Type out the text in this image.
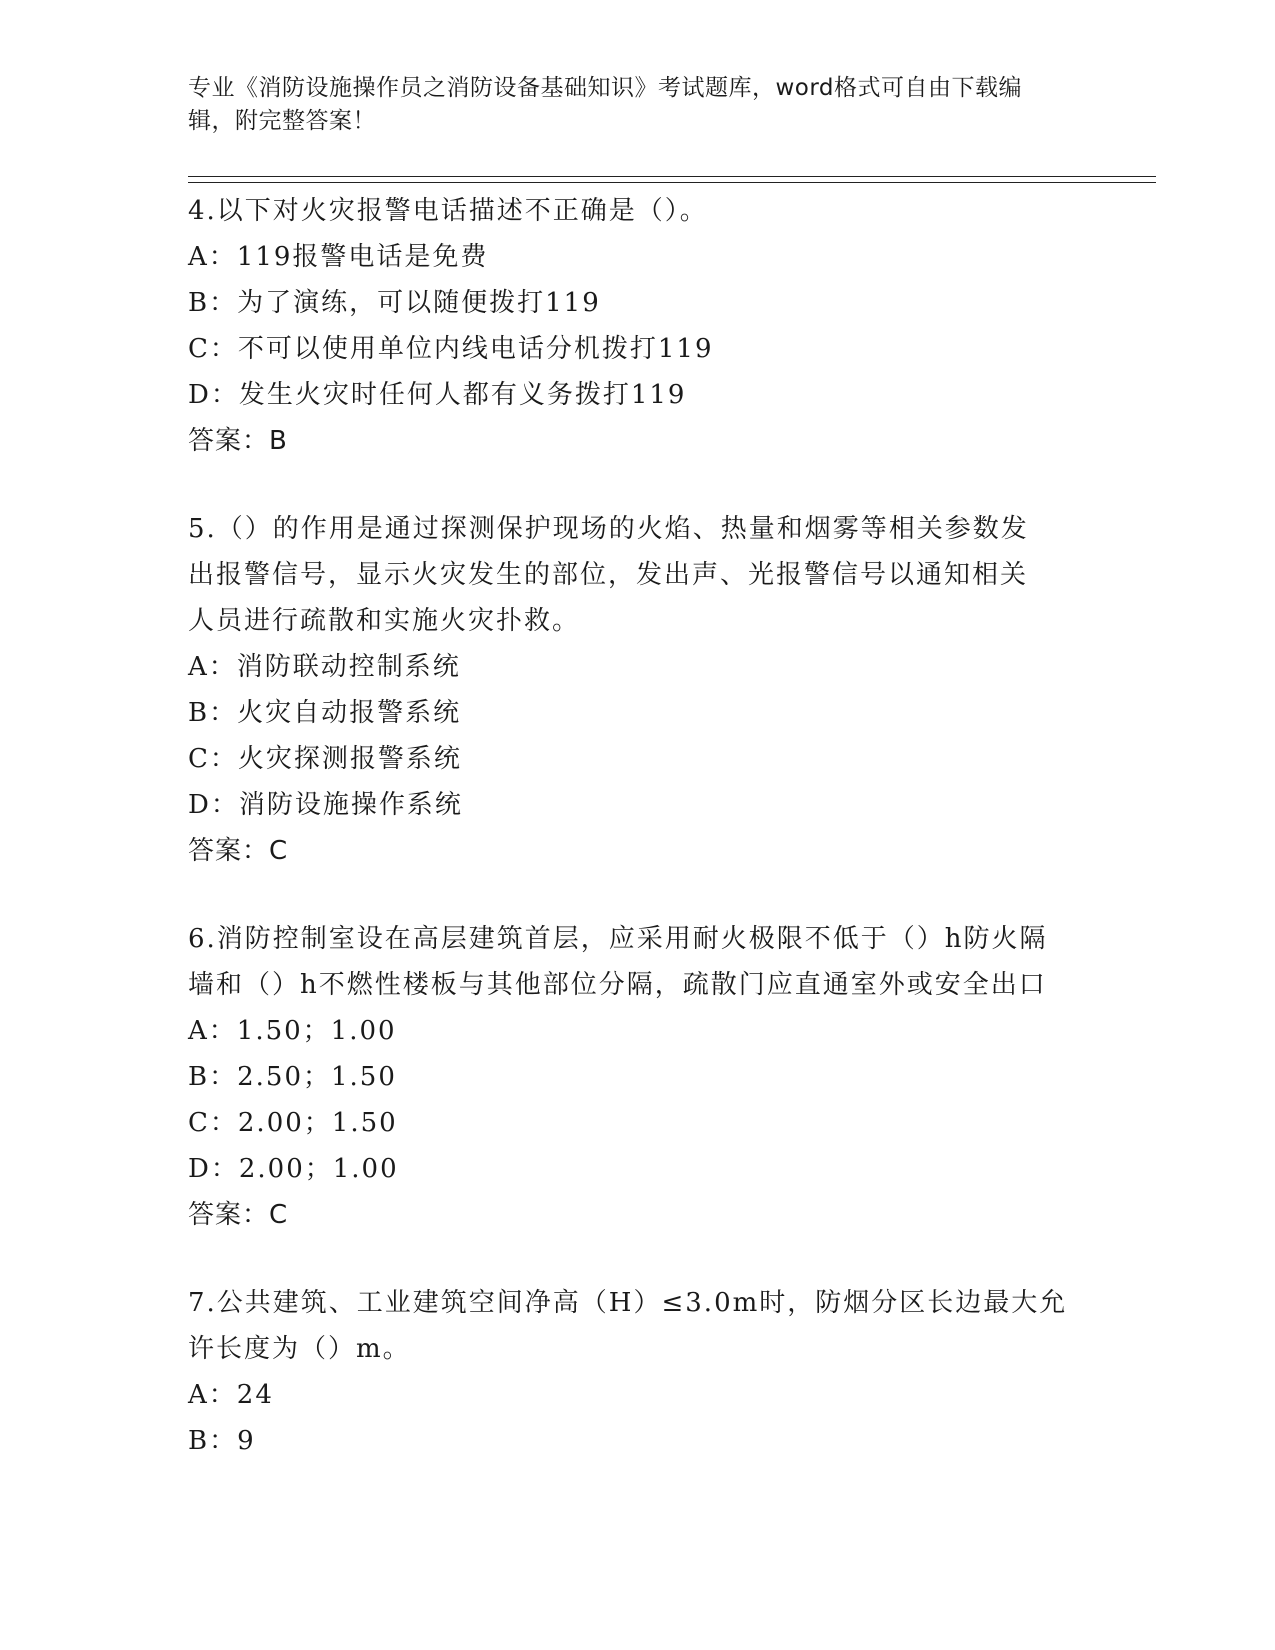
专业《消防设施操作员之消防设备基础知识》考试题库，word格式可自由下载编
辑，附完整答案！
4.以下对火灾报警电话描述不正确是（）。
A：119报警电话是免费
B：为了演练，可以随便拨打119
C：不可以使用单位内线电话分机拨打119
D：发生火灾时任何人都有义务拨打119
答案：B
5.（）的作用是通过探测保护现场的火焰、热量和烟雾等相关参数发
出报警信号，显示火灾发生的部位，发出声、光报警信号以通知相关
人员进行疏散和实施火灾扑救。
A：消防联动控制系统
B：火灾自动报警系统
C：火灾探测报警系统
D：消防设施操作系统
答案：C
6.消防控制室设在高层建筑首层，应采用耐火极限不低于（）h防火隔
墙和（）h不燃性楼板与其他部位分隔，疏散门应直通室外或安全出口
A：1.50；1.00
B：2.50；1.50
C：2.00；1.50
D：2.00；1.00
答案：C
7.公共建筑、工业建筑空间净高（H）≤3.0m时，防烟分区长边最大允
许长度为（）m。
A：24
B：9
